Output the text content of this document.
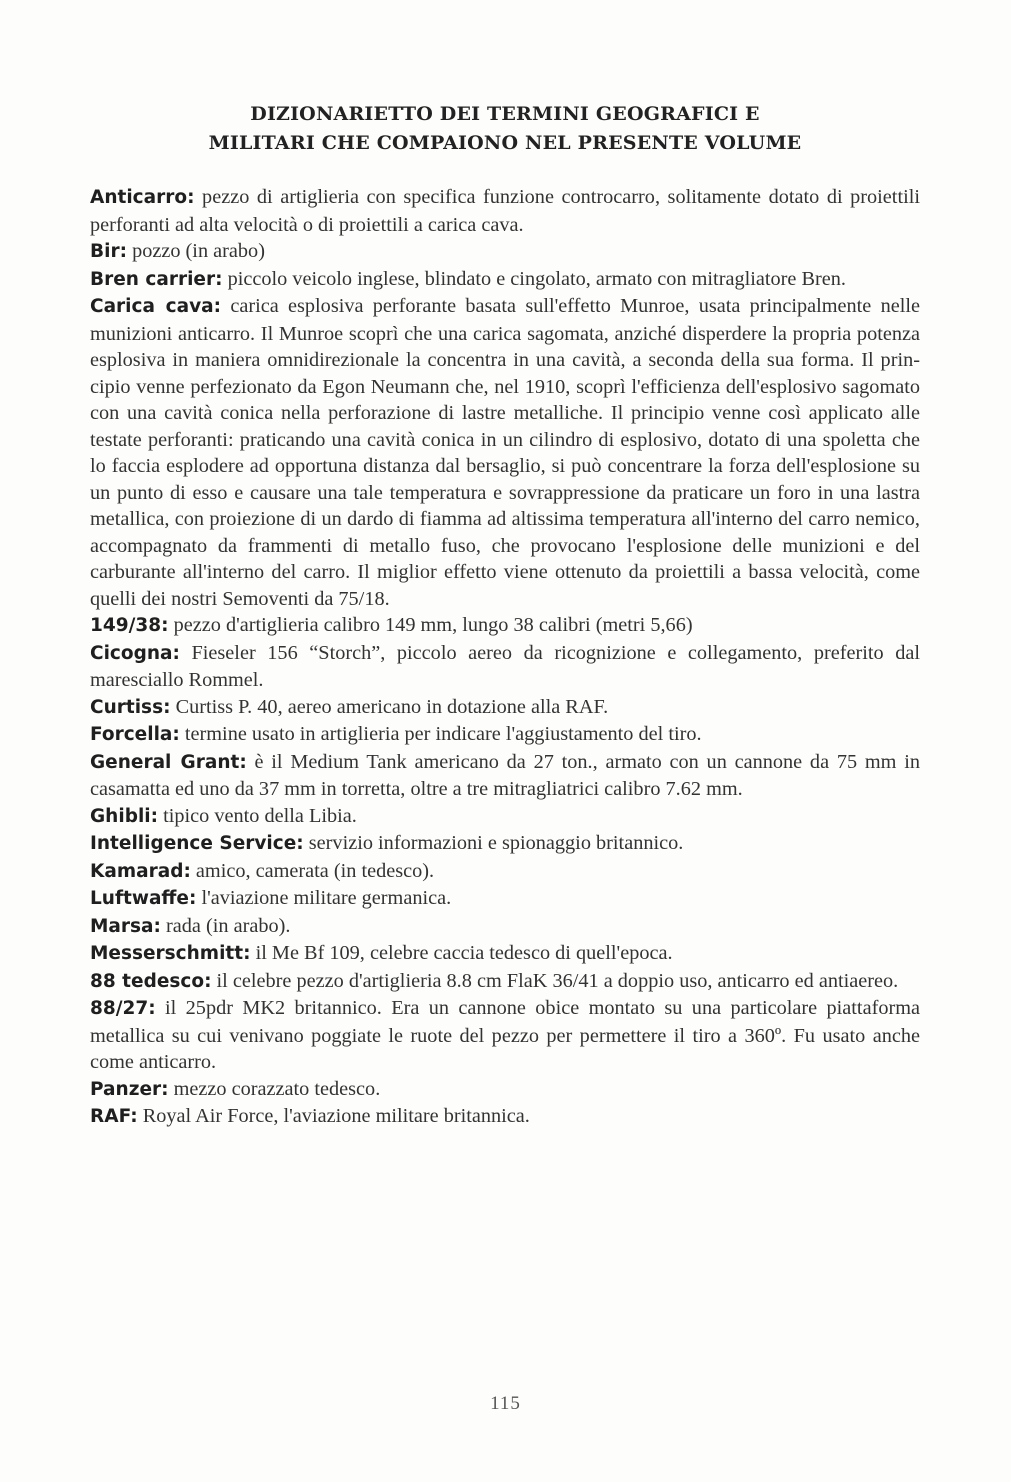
DIZIONARIETTO DEI TERMINI GEOGRAFICI E
MILITARI CHE COMPAIONO NEL PRESENTE VOLUME

Anticarro: pezzo di artiglieria con specifica funzione controcarro, solitamente dotato di proiettili perforanti ad alta velocità o di proiettili a carica cava.

Bir: pozzo (in arabo)

Bren carrier: piccolo veicolo inglese, blindato e cingolato, armato con mitragliatore Bren.

Carica cava: carica esplosiva perforante basata sull'effetto Munroe, usata principalmente nelle munizioni anticarro. Il Munroe scoprì che una carica sagomata, anziché disperdere la propria potenza esplosiva in maniera omnidirezionale la concentra in una cavità, a seconda della sua forma. Il principio venne perfezionato da Egon Neumann che, nel 1910, scoprì l'efficienza dell'esplosivo sagomato con una cavità conica nella perforazione di lastre metalliche. Il principio venne così applicato alle testate perforanti: praticando una cavità conica in un cilindro di esplosivo, dotato di una spoletta che lo faccia esplodere ad opportuna distanza dal bersaglio, si può concentrare la forza dell'esplosione su un punto di esso e causare una tale temperatura e sovrappressione da praticare un foro in una lastra metallica, con proiezione di un dardo di fiamma ad altissima temperatura all'interno del carro nemico, accompagnato da frammenti di metallo fuso, che provocano l'esplosione delle munizioni e del carburante all'interno del carro. Il miglior effetto viene ottenuto da proiettili a bassa velocità, come quelli dei nostri Semoventi da 75/18.

149/38: pezzo d'artiglieria calibro 149 mm, lungo 38 calibri (metri 5,66)

Cicogna: Fieseler 156 “Storch”, piccolo aereo da ricognizione e collegamento, preferito dal maresciallo Rommel.

Curtiss: Curtiss P. 40, aereo americano in dotazione alla RAF.

Forcella: termine usato in artiglieria per indicare l'aggiustamento del tiro.

General Grant: è il Medium Tank americano da 27 ton., armato con un cannone da 75 mm in casamatta ed uno da 37 mm in torretta, oltre a tre mitragliatrici calibro 7.62 mm.

Ghibli: tipico vento della Libia.

Intelligence Service: servizio informazioni e spionaggio britannico.

Kamarad: amico, camerata (in tedesco).

Luftwaffe: l'aviazione militare germanica.

Marsa: rada (in arabo).

Messerschmitt: il Me Bf 109, celebre caccia tedesco di quell'epoca.

88 tedesco: il celebre pezzo d'artiglieria 8.8 cm FlaK 36/41 a doppio uso, anticarro ed antiaereo.

88/27: il 25pdr MK2 britannico. Era un cannone obice montato su una particolare piattaforma metallica su cui venivano poggiate le ruote del pezzo per permettere il tiro a 360º. Fu usato anche come anticarro.

Panzer: mezzo corazzato tedesco.

RAF: Royal Air Force, l'aviazione militare britannica.

115
